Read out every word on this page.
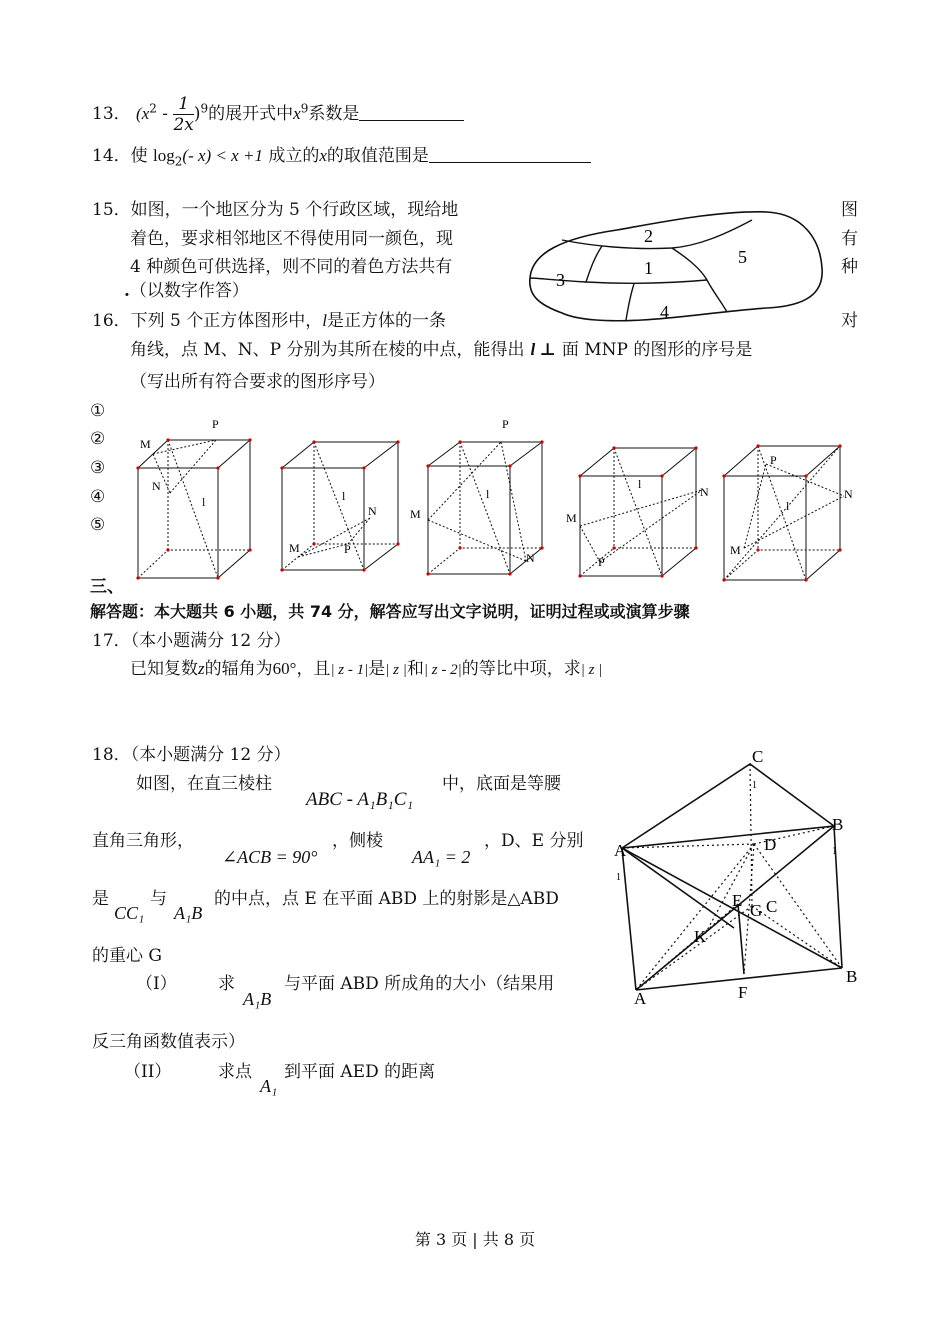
13． $(x^2 - \frac{1}{2x} )^9$的展开式中$x^9$系数是
14．使 $\log_2(-$ x) < x +1 成立的x的取值范围是
15．如图，一个地区分为 5 个行政区域，现给地	图
着色，要求相邻地区不得使用同一颜色，现	有
4 种颜色可供选择，则不同的着色方法共有	种
.（以数字作答）
2
1
3
5
4
16．下列 5 个正方体图形中，l是正方体的一条	对
角线，点 M、N、P 分别为其所在棱的中点，能得出 l ⊥ 面 MNP 的图形的序号是
（写出所有符合要求的图形序号）
①
②
③
④
⑤
M
P
N
l
M
N
P
l
M
P
N
l
M
N
P
l
M
P
N
l
三、
解答题：本大题共 6 小题，共 74 分，解答应写出文字说明，证明过程或或演算步骤
17．（本小题满分 12 分）
已知复数z的辐角为60°，且| z - 1|是| z |和| z - 2|的等比中项，求| z |
18．（本小题满分 12 分）
如图，在直三棱柱
ABC - A₁B₁C₁
中，底面是等腰
直角三角形，
∠ACB = 90°
，侧棱
AA₁ = 2
，D、E 分别
是
CC₁
与
A₁B
的中点，点 E 在平面 ABD 上的射影是△ABD
的重心 G
（I） 求
A₁B
与平面 ABD 所成角的大小（结果用
反三角函数值表示）
（II）	求点
A₁
到平面 AED 的距离
C
1
B
1
A
1
D
E
G C
K
A	F
B
第 3 页 | 共 8 页
